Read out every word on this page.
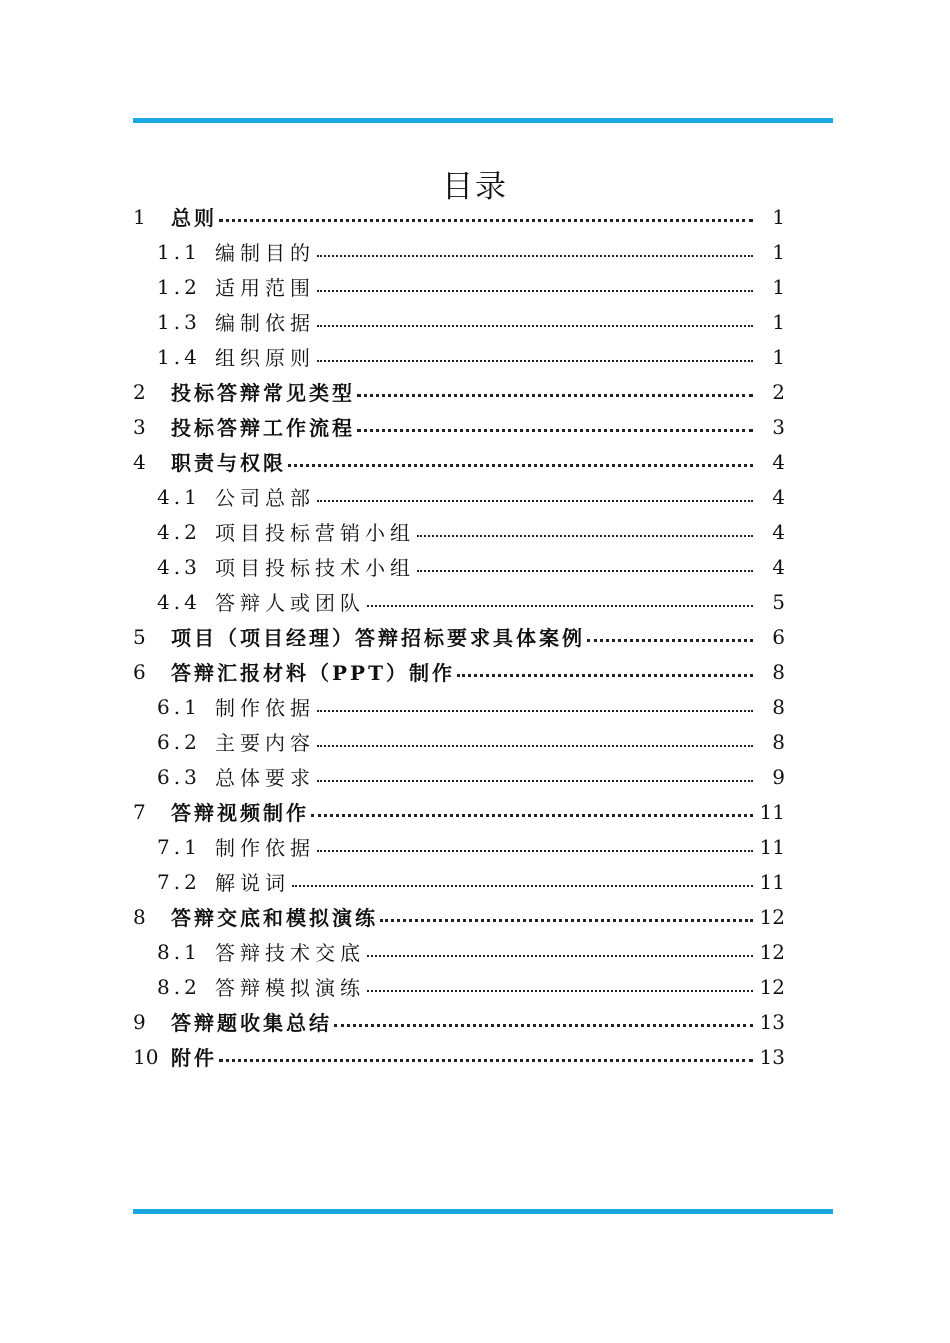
目录
1	总则	1
1.1 编制目的	1
1.2 适用范围	1
1.3 编制依据	1
1.4 组织原则	1
2	投标答辩常见类型	2
3	投标答辩工作流程	3
4	职责与权限	4
4.1 公司总部	4
4.2 项目投标营销小组	4
4.3 项目投标技术小组	4
4.4 答辩人或团队	5
5	项目（项目经理）答辩招标要求具体案例	6
6	答辩汇报材料（PPT）制作	8
6.1 制作依据	8
6.2 主要内容	8
6.3 总体要求	9
7	答辩视频制作	11
7.1 制作依据	11
7.2 解说词	11
8	答辩交底和模拟演练	12
8.1 答辩技术交底	12
8.2 答辩模拟演练	12
9	答辩题收集总结	13
10 附件	13
